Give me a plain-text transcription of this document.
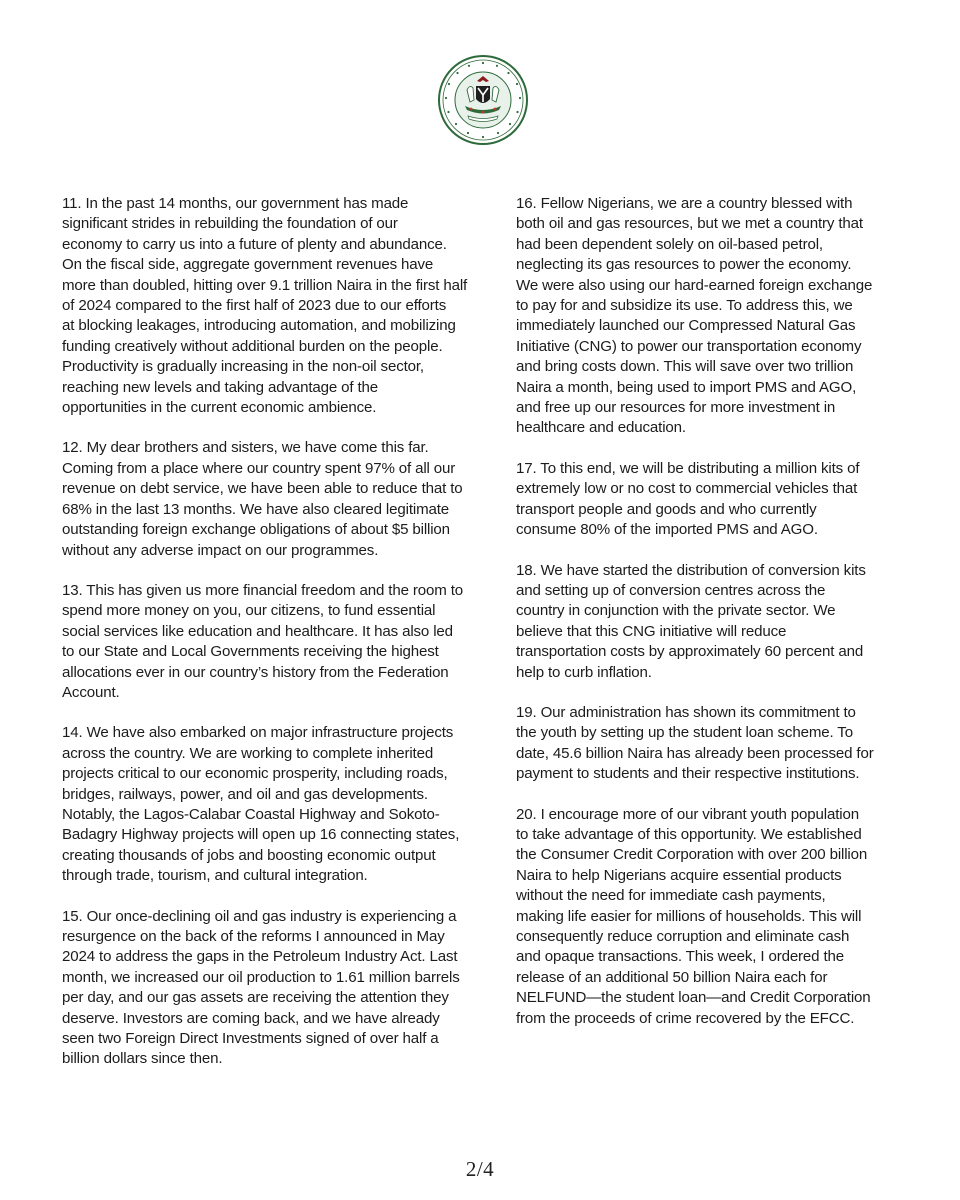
11. In the past 14 months, our government has made
significant strides in rebuilding the foundation of our
economy to carry us into a future of plenty and abundance.
On the fiscal side, aggregate government revenues have
more than doubled, hitting over 9.1 trillion Naira in the first half
of 2024 compared to the first half of 2023 due to our efforts
at blocking leakages, introducing automation, and mobilizing
funding creatively without additional burden on the people.
Productivity is gradually increasing in the non-oil sector,
reaching new levels and taking advantage of the
opportunities in the current economic ambience.

12. My dear brothers and sisters, we have come this far.
Coming from a place where our country spent 97% of all our
revenue on debt service, we have been able to reduce that to
68% in the last 13 months. We have also cleared legitimate
outstanding foreign exchange obligations of about $5 billion
without any adverse impact on our programmes.

13. This has given us more financial freedom and the room to
spend more money on you, our citizens, to fund essential
social services like education and healthcare. It has also led
to our State and Local Governments receiving the highest
allocations ever in our country’s history from the Federation
Account.

14. We have also embarked on major infrastructure projects
across the country. We are working to complete inherited
projects critical to our economic prosperity, including roads,
bridges, railways, power, and oil and gas developments.
Notably, the Lagos-Calabar Coastal Highway and Sokoto-
Badagry Highway projects will open up 16 connecting states,
creating thousands of jobs and boosting economic output
through trade, tourism, and cultural integration.

15. Our once-declining oil and gas industry is experiencing a
resurgence on the back of the reforms I announced in May
2024 to address the gaps in the Petroleum Industry Act. Last
month, we increased our oil production to 1.61 million barrels
per day, and our gas assets are receiving the attention they
deserve. Investors are coming back, and we have already
seen two Foreign Direct Investments signed of over half a
billion dollars since then.

16. Fellow Nigerians, we are a country blessed with
both oil and gas resources, but we met a country that
had been dependent solely on oil-based petrol,
neglecting its gas resources to power the economy.
We were also using our hard-earned foreign exchange
to pay for and subsidize its use. To address this, we
immediately launched our Compressed Natural Gas
Initiative (CNG) to power our transportation economy
and bring costs down. This will save over two trillion
Naira a month, being used to import PMS and AGO,
and free up our resources for more investment in
healthcare and education.

17. To this end, we will be distributing a million kits of
extremely low or no cost to commercial vehicles that
transport people and goods and who currently
consume 80% of the imported PMS and AGO.

18. We have started the distribution of conversion kits
and setting up of conversion centres across the
country in conjunction with the private sector. We
believe that this CNG initiative will reduce
transportation costs by approximately 60 percent and
help to curb inflation.

19. Our administration has shown its commitment to
the youth by setting up the student loan scheme. To
date, 45.6 billion Naira has already been processed for
payment to students and their respective institutions.

20. I encourage more of our vibrant youth population
to take advantage of this opportunity. We established
the Consumer Credit Corporation with over 200 billion
Naira to help Nigerians acquire essential products
without the need for immediate cash payments,
making life easier for millions of households. This will
consequently reduce corruption and eliminate cash
and opaque transactions. This week, I ordered the
release of an additional 50 billion Naira each for
NELFUND—the student loan—and Credit Corporation
from the proceeds of crime recovered by the EFCC.

2/4
